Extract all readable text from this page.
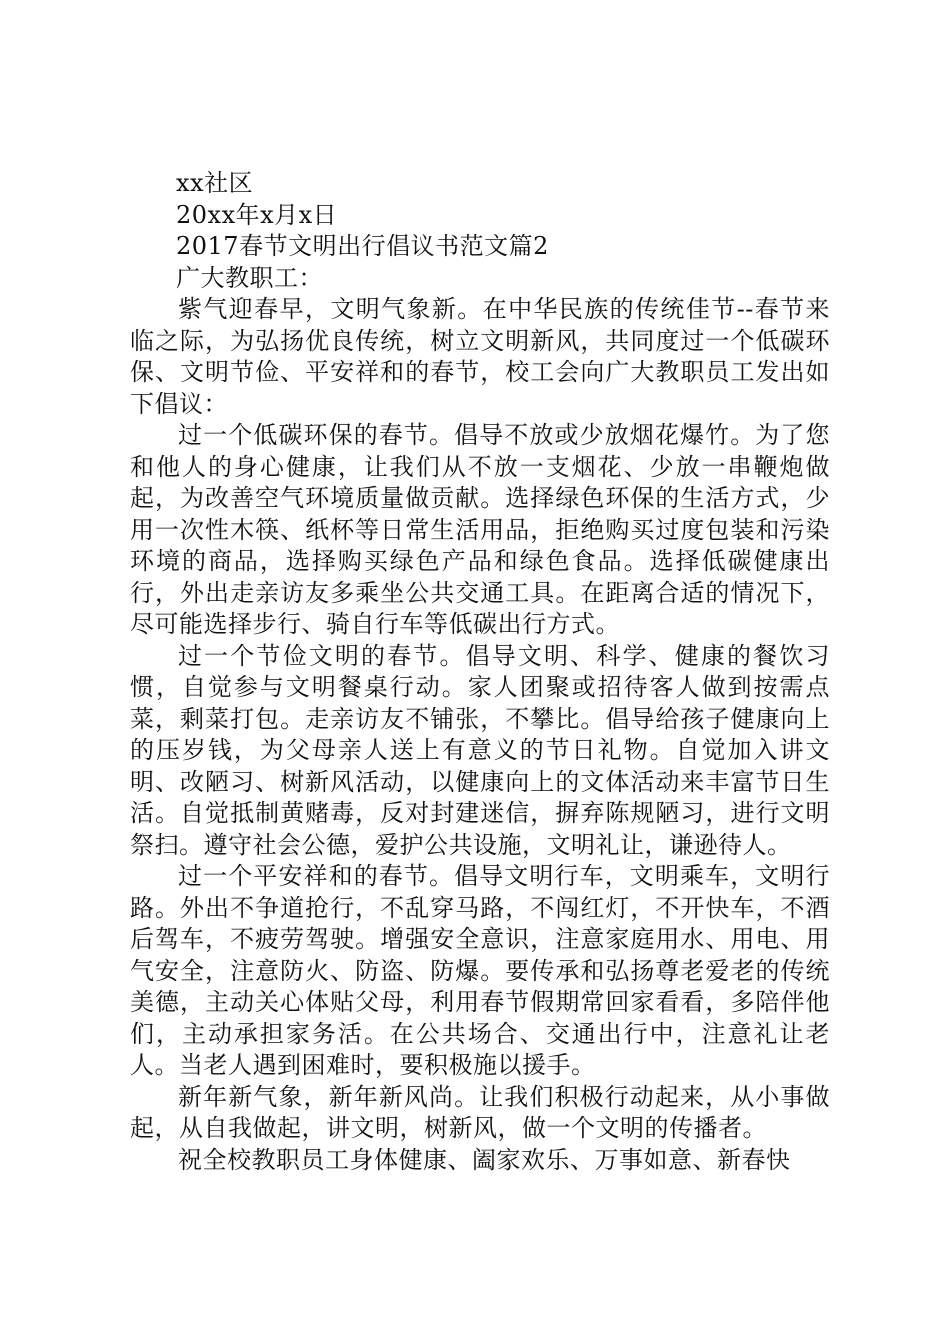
xx社区

20xx年x月x日

2017春节文明出行倡议书范文篇2

广大教职工：

紫气迎春早，文明气象新。在中华民族的传统佳节--春节来临之际，为弘扬优良传统，树立文明新风，共同度过一个低碳环保、文明节俭、平安祥和的春节，校工会向广大教职员工发出如下倡议：

过一个低碳环保的春节。倡导不放或少放烟花爆竹。为了您和他人的身心健康，让我们从不放一支烟花、少放一串鞭炮做起，为改善空气环境质量做贡献。选择绿色环保的生活方式，少用一次性木筷、纸杯等日常生活用品，拒绝购买过度包装和污染环境的商品，选择购买绿色产品和绿色食品。选择低碳健康出行，外出走亲访友多乘坐公共交通工具。在距离合适的情况下，尽可能选择步行、骑自行车等低碳出行方式。

过一个节俭文明的春节。倡导文明、科学、健康的餐饮习惯，自觉参与文明餐桌行动。家人团聚或招待客人做到按需点菜，剩菜打包。走亲访友不铺张，不攀比。倡导给孩子健康向上的压岁钱，为父母亲人送上有意义的节日礼物。自觉加入讲文明、改陋习、树新风活动，以健康向上的文体活动来丰富节日生活。自觉抵制黄赌毒，反对封建迷信，摒弃陈规陋习，进行文明祭扫。遵守社会公德，爱护公共设施，文明礼让，谦逊待人。

过一个平安祥和的春节。倡导文明行车，文明乘车，文明行路。外出不争道抢行，不乱穿马路，不闯红灯，不开快车，不酒后驾车，不疲劳驾驶。增强安全意识，注意家庭用水、用电、用气安全，注意防火、防盗、防爆。要传承和弘扬尊老爱老的传统美德，主动关心体贴父母，利用春节假期常回家看看，多陪伴他们，主动承担家务活。在公共场合、交通出行中，注意礼让老人。当老人遇到困难时，要积极施以援手。

新年新气象，新年新风尚。让我们积极行动起来，从小事做起，从自我做起，讲文明，树新风，做一个文明的传播者。

祝全校教职员工身体健康、阖家欢乐、万事如意、新春快
